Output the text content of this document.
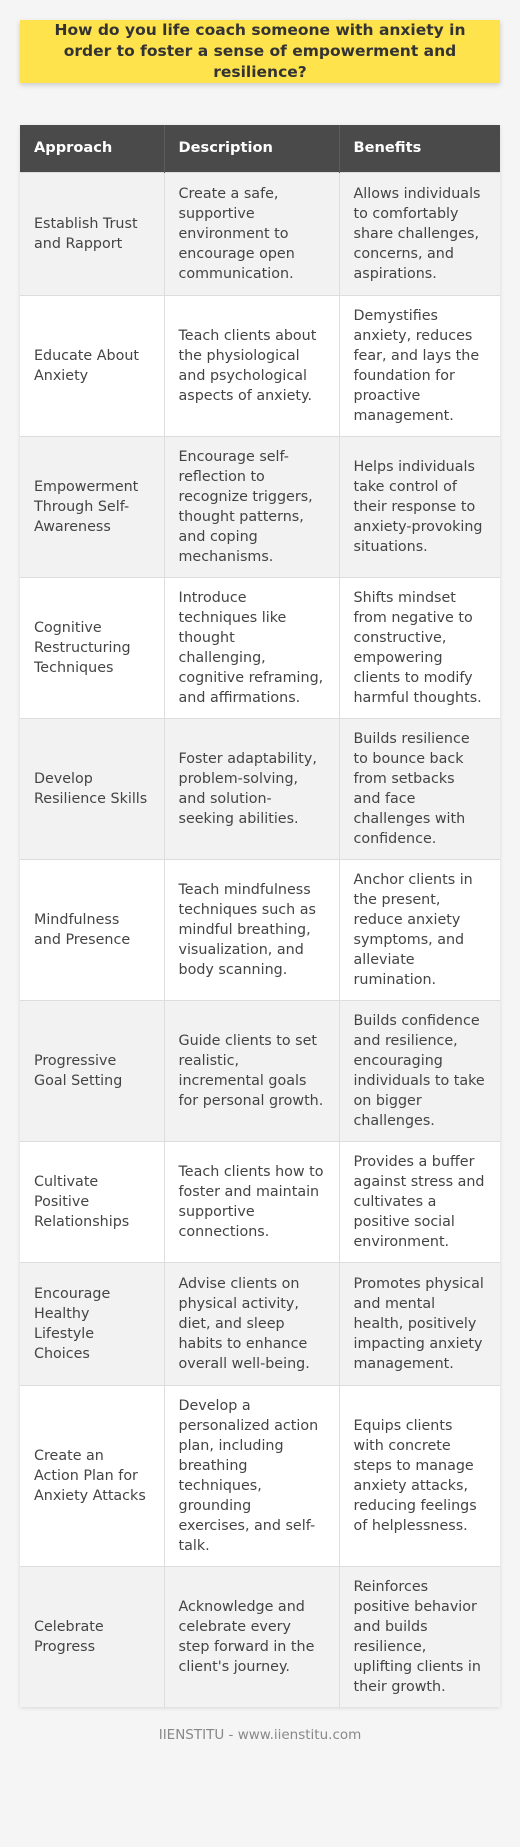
How do you life coach someone with anxiety in order to foster a sense of empowerment and resilience?
Approach	Description	Benefits
Establish Trust and Rapport	Create a safe, supportive environment to encourage open communication.	Allows individuals to comfortably share challenges, concerns, and aspirations.
Educate About Anxiety	Teach clients about the physiological and psychological aspects of anxiety.	Demystifies anxiety, reduces fear, and lays the foundation for proactive management.
Empowerment Through Self-Awareness	Encourage self-reflection to recognize triggers, thought patterns, and coping mechanisms.	Helps individuals take control of their response to anxiety-provoking situations.
Cognitive Restructuring Techniques	Introduce techniques like thought challenging, cognitive reframing, and affirmations.	Shifts mindset from negative to constructive, empowering clients to modify harmful thoughts.
Develop Resilience Skills	Foster adaptability, problem-solving, and solution-seeking abilities.	Builds resilience to bounce back from setbacks and face challenges with confidence.
Mindfulness and Presence	Teach mindfulness techniques such as mindful breathing, visualization, and body scanning.	Anchor clients in the present, reduce anxiety symptoms, and alleviate rumination.
Progressive Goal Setting	Guide clients to set realistic, incremental goals for personal growth.	Builds confidence and resilience, encouraging individuals to take on bigger challenges.
Cultivate Positive Relationships	Teach clients how to foster and maintain supportive connections.	Provides a buffer against stress and cultivates a positive social environment.
Encourage Healthy Lifestyle Choices	Advise clients on physical activity, diet, and sleep habits to enhance overall well-being.	Promotes physical and mental health, positively impacting anxiety management.
Create an Action Plan for Anxiety Attacks	Develop a personalized action plan, including breathing techniques, grounding exercises, and self-talk.	Equips clients with concrete steps to manage anxiety attacks, reducing feelings of helplessness.
Celebrate Progress	Acknowledge and celebrate every step forward in the client's journey.	Reinforces positive behavior and builds resilience, uplifting clients in their growth.
IIENSTITU - www.iienstitu.com
